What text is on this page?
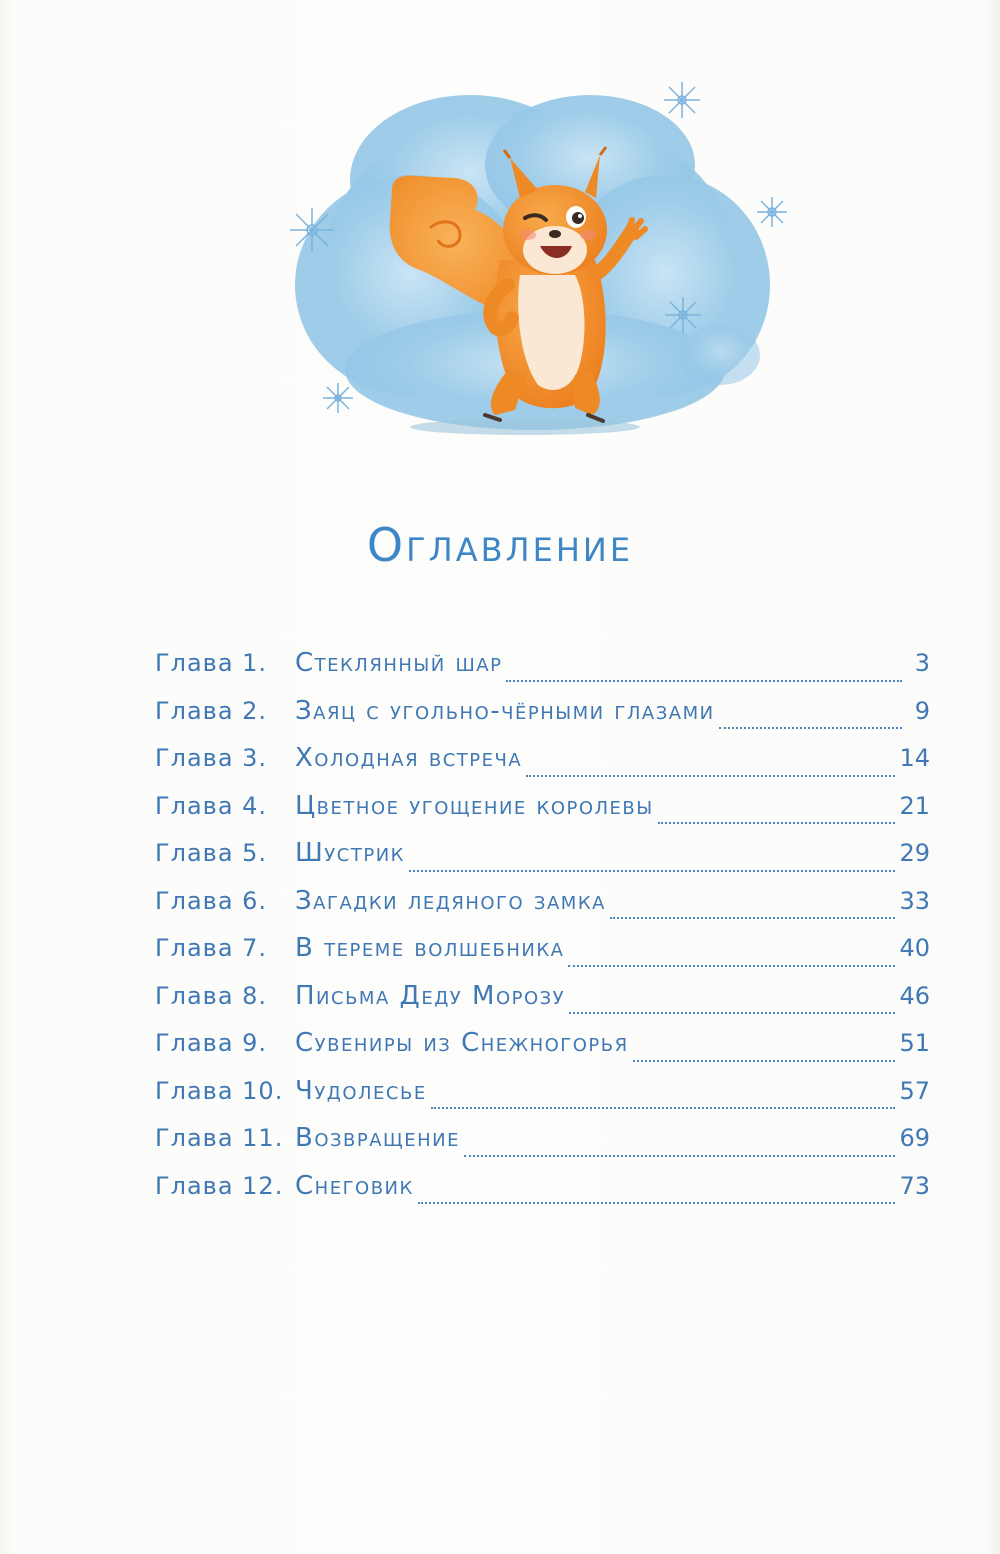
Оглавление
Глава 1.	Стеклянный шар	3
Глава 2.	Заяц с угольно-чёрными глазами	9
Глава 3.	Холодная встреча	14
Глава 4.	Цветное угощение королевы	21
Глава 5.	Шустрик	29
Глава 6.	Загадки ледяного замка	33
Глава 7.	В тереме волшебника	40
Глава 8.	Письма Деду Морозу	46
Глава 9.	Сувениры из Снежногорья	51
Глава 10. Чудолесье	57
Глава 11. Возвращение	69
Глава 12. Снеговик	73
